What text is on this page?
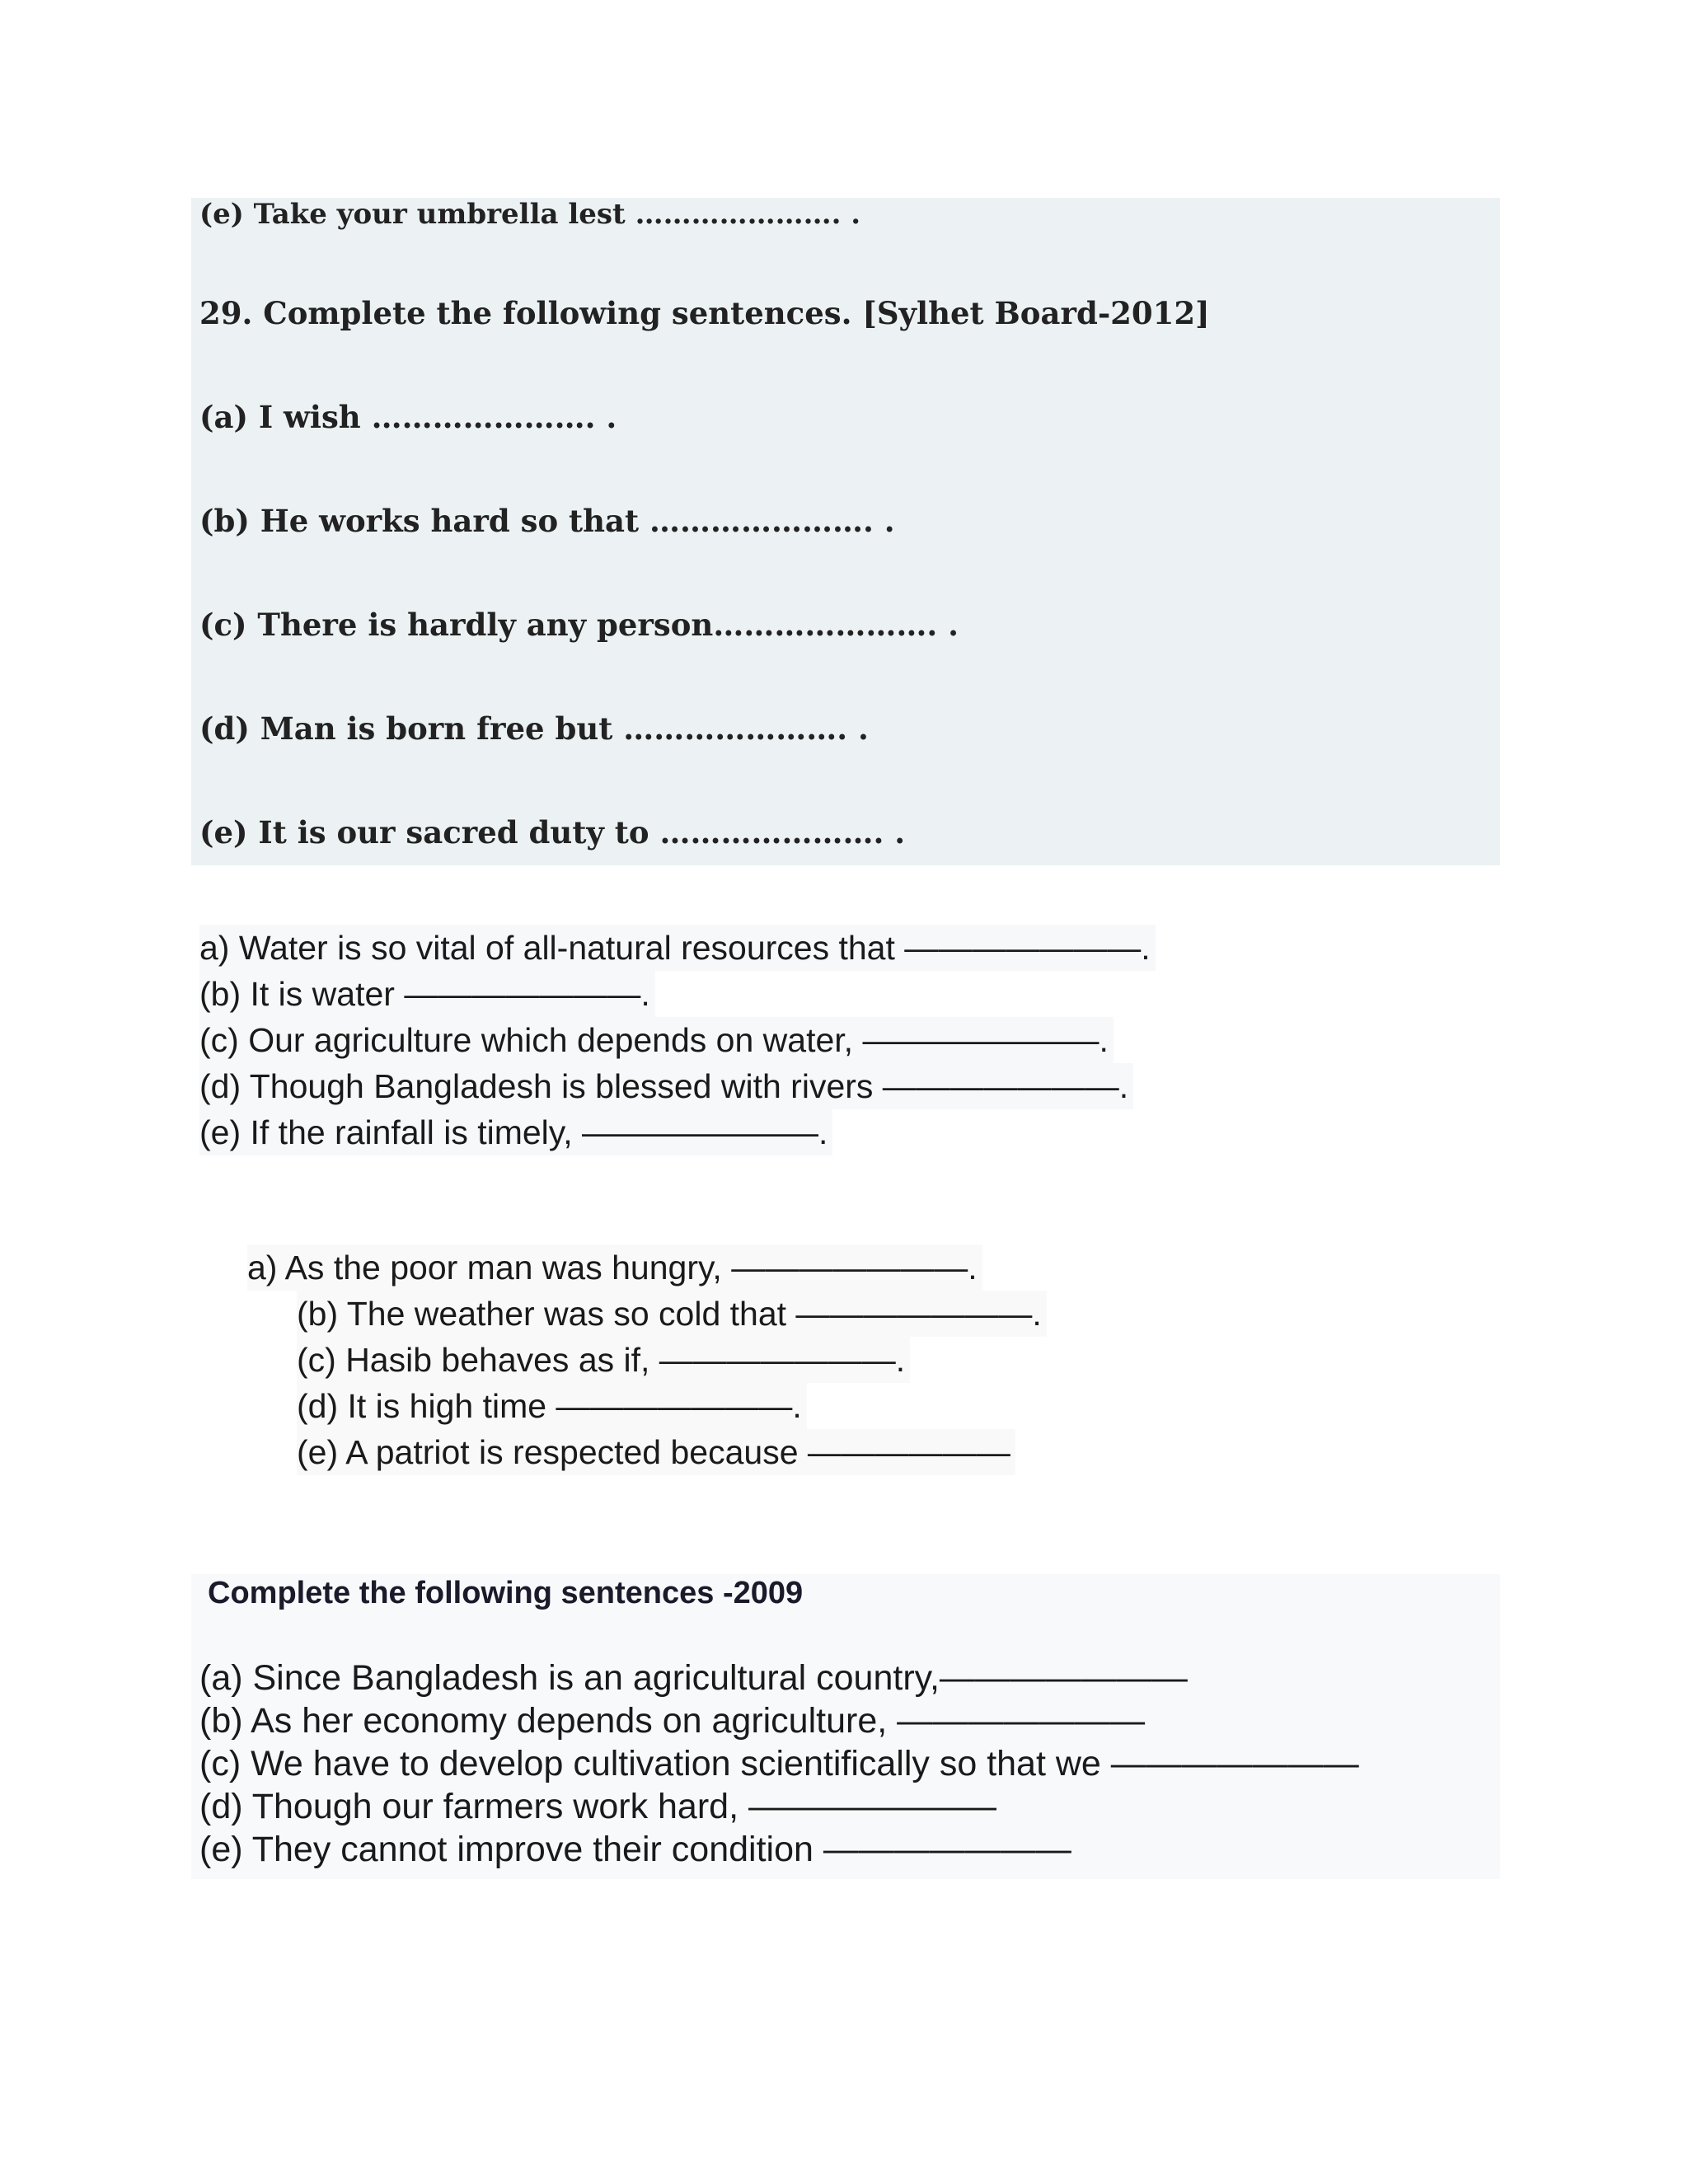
(e) Take your umbrella lest …………………. .
29. Complete the following sentences. [Sylhet Board-2012]
(a) I wish …………………. .
(b) He works hard so that …………………. .
(c) There is hardly any person…………………. .
(d) Man is born free but …………………. .
(e) It is our sacred duty to …………………. .
a) Water is so vital of all-natural resources that ———————.
(b) It is water ———————.
(c) Our agriculture which depends on water, ———————.
(d) Though Bangladesh is blessed with rivers ———————.
(e) If the rainfall is timely, ———————.
a) As the poor man was hungry, ———————.
(b) The weather was so cold that ———————.
(c) Hasib behaves as if, ———————.
(d) It is high time ———————.
(e) A patriot is respected because ——————
Complete the following sentences -2009
(a) Since Bangladesh is an agricultural country,———————
(b) As her economy depends on agriculture, ———————
(c) We have to develop cultivation scientifically so that we ———————
(d) Though our farmers work hard, ———————
(e) They cannot improve their condition ———————
